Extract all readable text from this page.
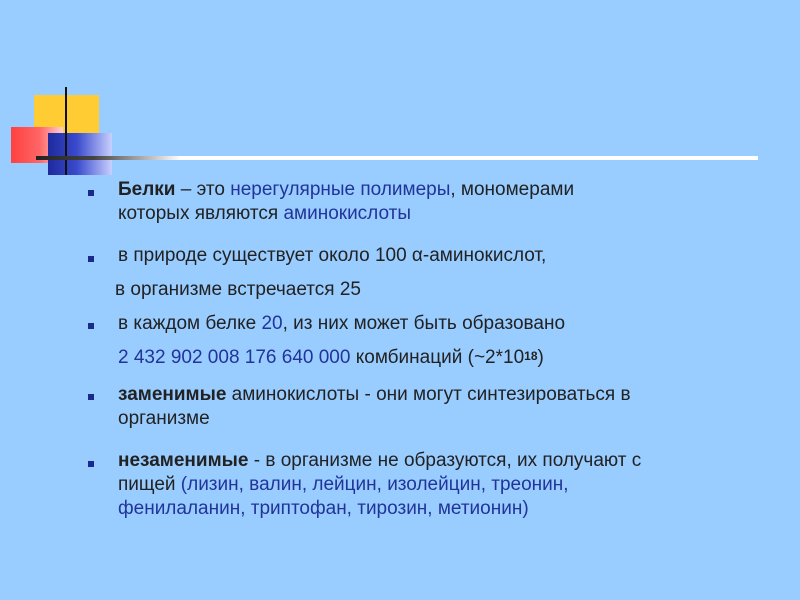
Белки – это нерегулярные полимеры, мономерами
которых являются аминокислоты
в природе существует около 100 α-аминокислот,
в организме встречается 25
в каждом белке 20, из них может быть образовано
2 432 902 008 176 640 000 комбинаций $(\sim 2*10^{18})$
заменимые аминокислоты - они могут синтезироваться в
организме
незаменимые - в организме не образуются, их получают с
пищей (лизин, валин, лейцин, изолейцин, треонин,
фенилаланин, триптофан, тирозин, метионин)
